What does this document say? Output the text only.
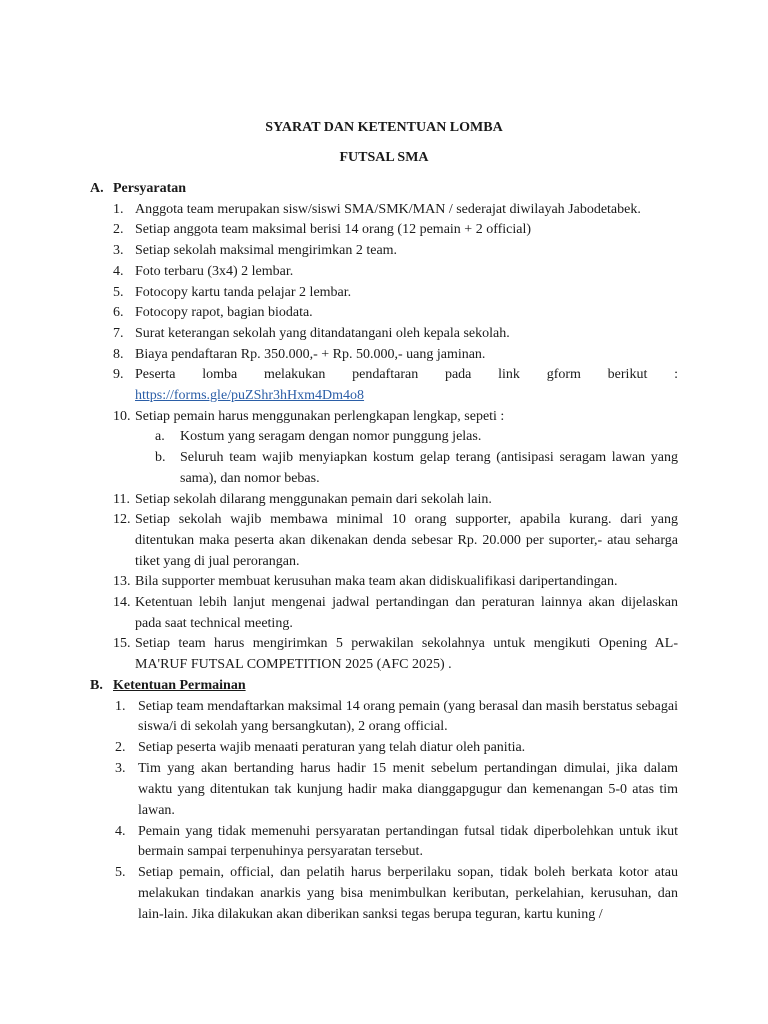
SYARAT DAN KETENTUAN LOMBA

FUTSAL SMA

A. Persyaratan
1. Anggota team merupakan sisw/siswi SMA/SMK/MAN / sederajat diwilayah Jabodetabek.
2. Setiap anggota team maksimal berisi 14 orang (12 pemain + 2 official)
3. Setiap sekolah maksimal mengirimkan 2 team.
4. Foto terbaru (3x4) 2 lembar.
5. Fotocopy kartu tanda pelajar 2 lembar.
6. Fotocopy rapot, bagian biodata.
7. Surat keterangan sekolah yang ditandatangani oleh kepala sekolah.
8. Biaya pendaftaran Rp. 350.000,- + Rp. 50.000,- uang jaminan.
9. Peserta lomba melakukan pendaftaran pada link gform berikut : https://forms.gle/puZShr3hHxm4Dm4o8
10. Setiap pemain harus menggunakan perlengkapan lengkap, sepeti :
a.	Kostum yang seragam dengan nomor punggung jelas.
b.	Seluruh team wajib menyiapkan kostum gelap terang (antisipasi seragam lawan yang sama), dan nomor bebas.
11. Setiap sekolah dilarang menggunakan pemain dari sekolah lain.
12. Setiap sekolah wajib membawa minimal 10 orang supporter, apabila kurang. dari yang ditentukan maka peserta akan dikenakan denda sebesar Rp. 20.000 per suporter,- atau seharga tiket yang di jual perorangan.
13. Bila supporter membuat kerusuhan maka team akan didiskualifikasi daripertandingan.
14. Ketentuan lebih lanjut mengenai jadwal pertandingan dan peraturan lainnya akan dijelaskan pada saat technical meeting.
15. Setiap team harus mengirimkan 5 perwakilan sekolahnya untuk mengikuti Opening AL-MA'RUF FUTSAL COMPETITION 2025 (AFC 2025) .
B. Ketentuan Permainan
1. Setiap team mendaftarkan maksimal 14 orang pemain (yang berasal dan masih berstatus sebagai siswa/i di sekolah yang bersangkutan), 2 orang official.
2. Setiap peserta wajib menaati peraturan yang telah diatur oleh panitia.
3. Tim yang akan bertanding harus hadir 15 menit sebelum pertandingan dimulai, jika dalam waktu yang ditentukan tak kunjung hadir maka dianggapgugur dan kemenangan 5-0 atas tim lawan.
4. Pemain yang tidak memenuhi persyaratan pertandingan futsal tidak diperbolehkan untuk ikut bermain sampai terpenuhinya persyaratan tersebut.
5. Setiap pemain, official, dan pelatih harus berperilaku sopan, tidak boleh berkata kotor atau melakukan tindakan anarkis yang bisa menimbulkan keributan, perkelahian, kerusuhan, dan lain-lain. Jika dilakukan akan diberikan sanksi tegas berupa teguran, kartu kuning /
